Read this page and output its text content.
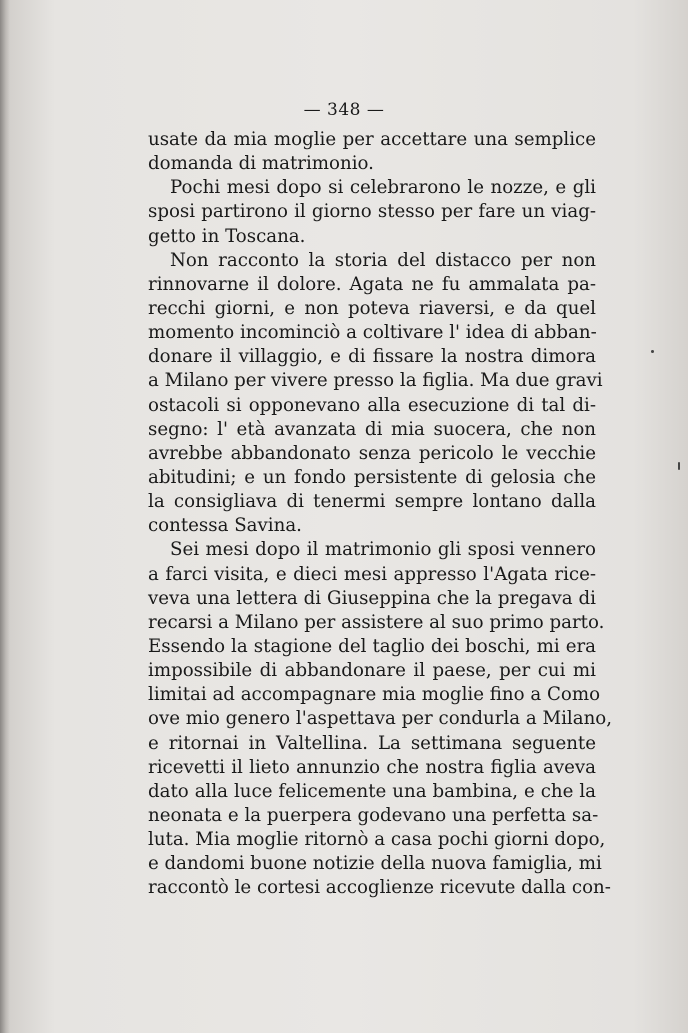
— 348 —
usate da mia moglie per accettare una semplice
domanda di matrimonio.
Pochi mesi dopo si celebrarono le nozze, e gli
sposi partirono il giorno stesso per fare un viag-
getto in Toscana.
Non racconto la storia del distacco per non
rinnovarne il dolore. Agata ne fu ammalata pa-
recchi giorni, e non poteva riaversi, e da quel
momento incominciò a coltivare l' idea di abban-
donare il villaggio, e di fissare la nostra dimora
a Milano per vivere presso la figlia. Ma due gravi
ostacoli si opponevano alla esecuzione di tal di-
segno: l' età avanzata di mia suocera, che non
avrebbe abbandonato senza pericolo le vecchie
abitudini; e un fondo persistente di gelosia che
la consigliava di tenermi sempre lontano dalla
contessa Savina.
Sei mesi dopo il matrimonio gli sposi vennero
a farci visita, e dieci mesi appresso l'Agata rice-
veva una lettera di Giuseppina che la pregava di
recarsi a Milano per assistere al suo primo parto.
Essendo la stagione del taglio dei boschi, mi era
impossibile di abbandonare il paese, per cui mi
limitai ad accompagnare mia moglie fino a Como
ove mio genero l'aspettava per condurla a Milano,
e ritornai in Valtellina. La settimana seguente
ricevetti il lieto annunzio che nostra figlia aveva
dato alla luce felicemente una bambina, e che la
neonata e la puerpera godevano una perfetta sa-
luta. Mia moglie ritornò a casa pochi giorni dopo,
e dandomi buone notizie della nuova famiglia, mi
raccontò le cortesi accoglienze ricevute dalla con-
